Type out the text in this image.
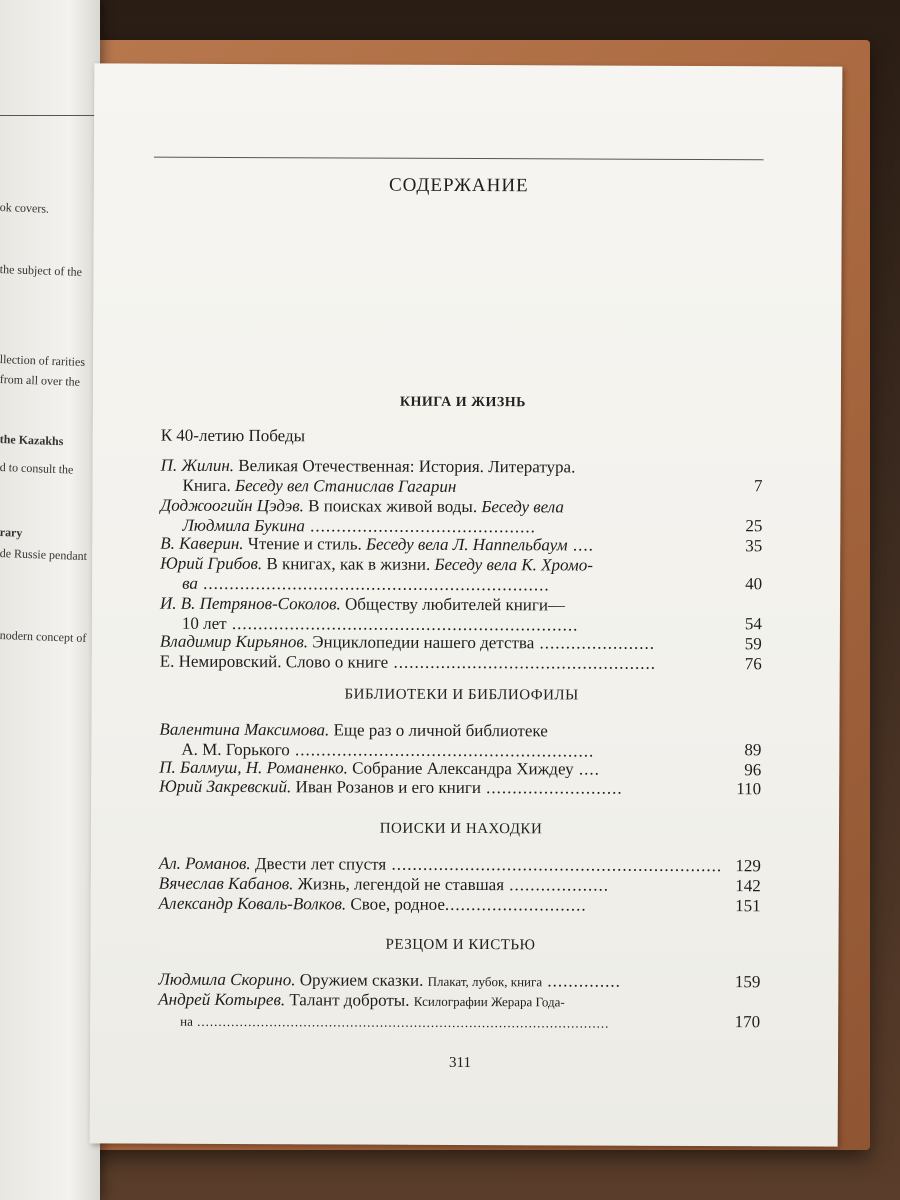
ok covers.
the subject of the
llection of rarities
from all over the
the Kazakhs
d to consult the
rary
de Russie pendant
nodern concept of
СОДЕРЖАНИЕ
КНИГА И ЖИЗНЬ
К 40-летию Победы
П. Жилин. Великая Отечественная: История. Литература.
Книга. Беседу вел Станислав Гагарин	7
Доджоогийн Цэдэв. В поисках живой воды. Беседу вела
Людмила Букина ...........................................	25
В. Каверин. Чтение и стиль. Беседу вела Л. Наппельбаум ....	35
Юрий Грибов. В книгах, как в жизни. Беседу вела К. Хромо-
ва ..................................................................	40
И. В. Петрянов-Соколов. Обществу любителей книги—
10 лет ..................................................................	54
Владимир Кирьянов. Энциклопедии нашего детства ......................	59
Е. Немировский. Слово о книге ..................................................	76
БИБЛИОТЕКИ И БИБЛИОФИЛЫ
Валентина Максимова. Еще раз о личной библиотеке
А. М. Горького .........................................................	89
П. Балмуш, Н. Романенко. Собрание Александра Хиждеу ....	96
Юрий Закревский. Иван Розанов и его книги ..........................	110
ПОИСКИ И НАХОДКИ
Ал. Романов. Двести лет спустя ............................................................... 129
Вячеслав Кабанов. Жизнь, легендой не ставшая ...................	142
Александр Коваль-Волков. Свое, родное...........................	151
РЕЗЦОМ И КИСТЬЮ
Людмила Скорино. Оружием сказки. Плакат, лубок, книга ..............	159
Андрей Котырев. Талант доброты. Ксилографии Жерара Года-
на .................................................................................................	170
311
